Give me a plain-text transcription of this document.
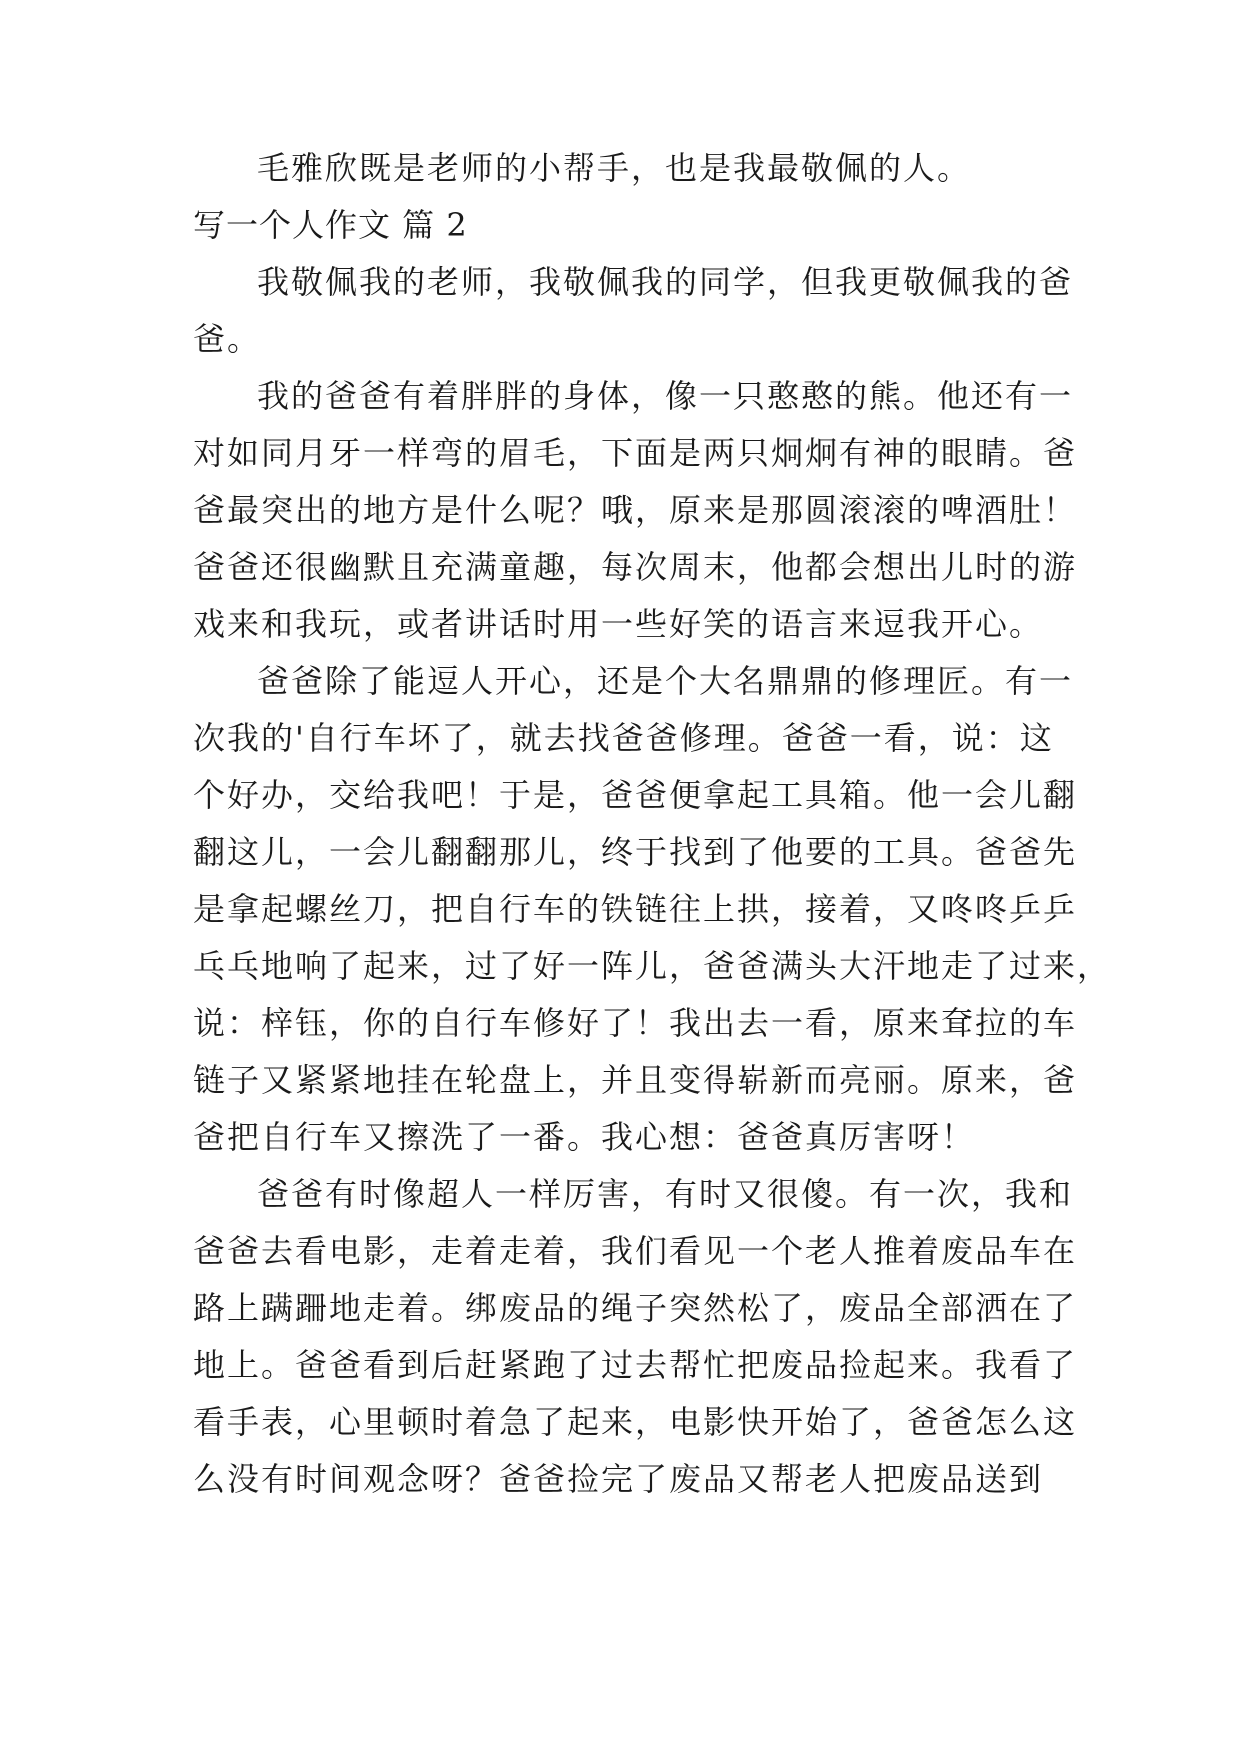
毛雅欣既是老师的小帮手，也是我最敬佩的人。
写一个人作文 篇 2
我敬佩我的老师，我敬佩我的同学，但我更敬佩我的爸
爸。
我的爸爸有着胖胖的身体，像一只憨憨的熊。他还有一
对如同月牙一样弯的眉毛，下面是两只炯炯有神的眼睛。爸
爸最突出的地方是什么呢？哦，原来是那圆滚滚的啤酒肚！
爸爸还很幽默且充满童趣，每次周末，他都会想出儿时的游
戏来和我玩，或者讲话时用一些好笑的语言来逗我开心。
爸爸除了能逗人开心，还是个大名鼎鼎的修理匠。有一
次我的'自行车坏了，就去找爸爸修理。爸爸一看，说：这
个好办，交给我吧！于是，爸爸便拿起工具箱。他一会儿翻
翻这儿，一会儿翻翻那儿，终于找到了他要的工具。爸爸先
是拿起螺丝刀，把自行车的铁链往上拱，接着，又咚咚乒乒
乓乓地响了起来，过了好一阵儿，爸爸满头大汗地走了过来，
说：梓钰，你的自行车修好了！我出去一看，原来耷拉的车
链子又紧紧地挂在轮盘上，并且变得崭新而亮丽。原来，爸
爸把自行车又擦洗了一番。我心想：爸爸真厉害呀！
爸爸有时像超人一样厉害，有时又很傻。有一次，我和
爸爸去看电影，走着走着，我们看见一个老人推着废品车在
路上蹒跚地走着。绑废品的绳子突然松了，废品全部洒在了
地上。爸爸看到后赶紧跑了过去帮忙把废品捡起来。我看了
看手表，心里顿时着急了起来，电影快开始了，爸爸怎么这
么没有时间观念呀？爸爸捡完了废品又帮老人把废品送到
